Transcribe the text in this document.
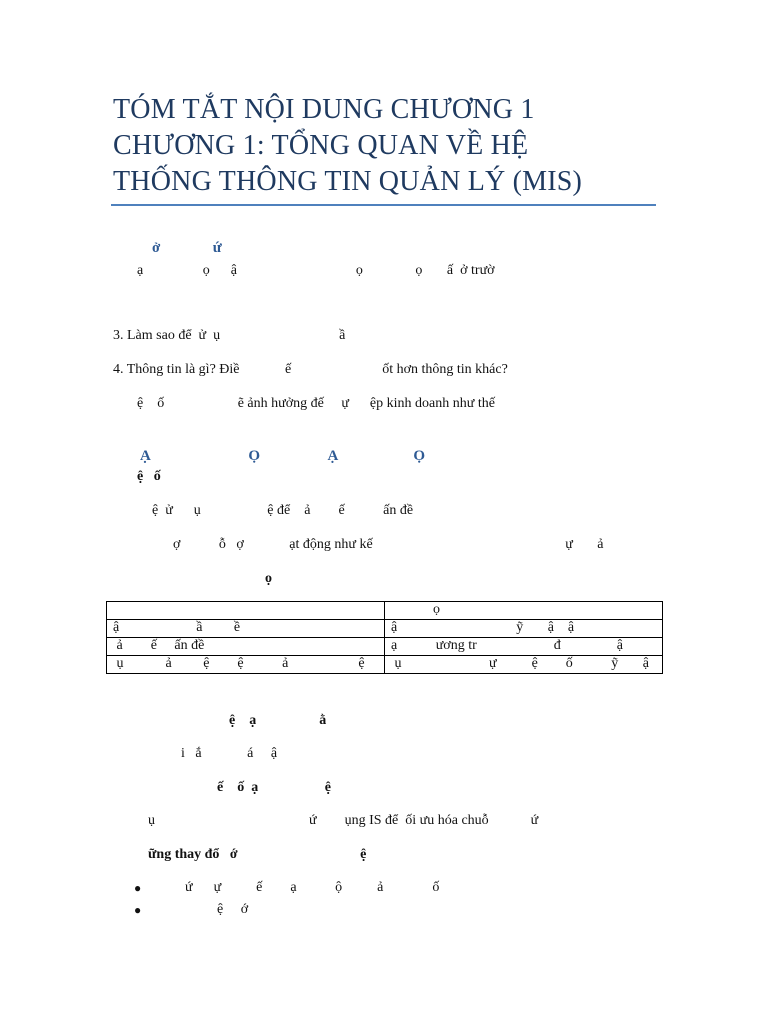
TÓM TẮT NỘI DUNG CHƯƠNG 1
CHƯƠNG 1: TỔNG QUAN VỀ HỆ
THỐNG THÔNG TIN QUẢN LÝ (MIS)
ở              ứ
ạ                 ọ      ậ                                  ọ               ọ       ấ  ở trườ
3. Làm sao để  ử  ụ                                  ầ
4. Thông tin là gì? Điề             ế                          ốt hơn thông tin khác?
ệ    ố                     ẽ ảnh hưởng đế     ự      ệp kinh doanh như thế
Ạ                          Ọ                  Ạ                    Ọ
ệ   ố
ệ  ử      ụ                   ệ để    ả        ế           ấn đề
ợ           ỗ   ợ             ạt động như kế                                                       ự       ả
ọ
	ọ
ậ                      ầ         ề	ậ                                  ỹ       ậ    ậ
ả        ế     ấn đề	ạ           ương tr                      đ                ậ
ụ            ả         ệ        ệ           ả                    ệ	ụ                         ự          ệ        ố           ỹ       ậ
ệ    ạ                  ằ
i   ắ             á     ậ
ế    ố  ạ                   ệ
ụ                                            ứ        ụng IS để  ối ưu hóa chuỗ            ứ
ững thay đổ   ớ                                   ệ
●	ứ      ự          ế        ạ           ộ          ả              ố
●	ệ     ớ
